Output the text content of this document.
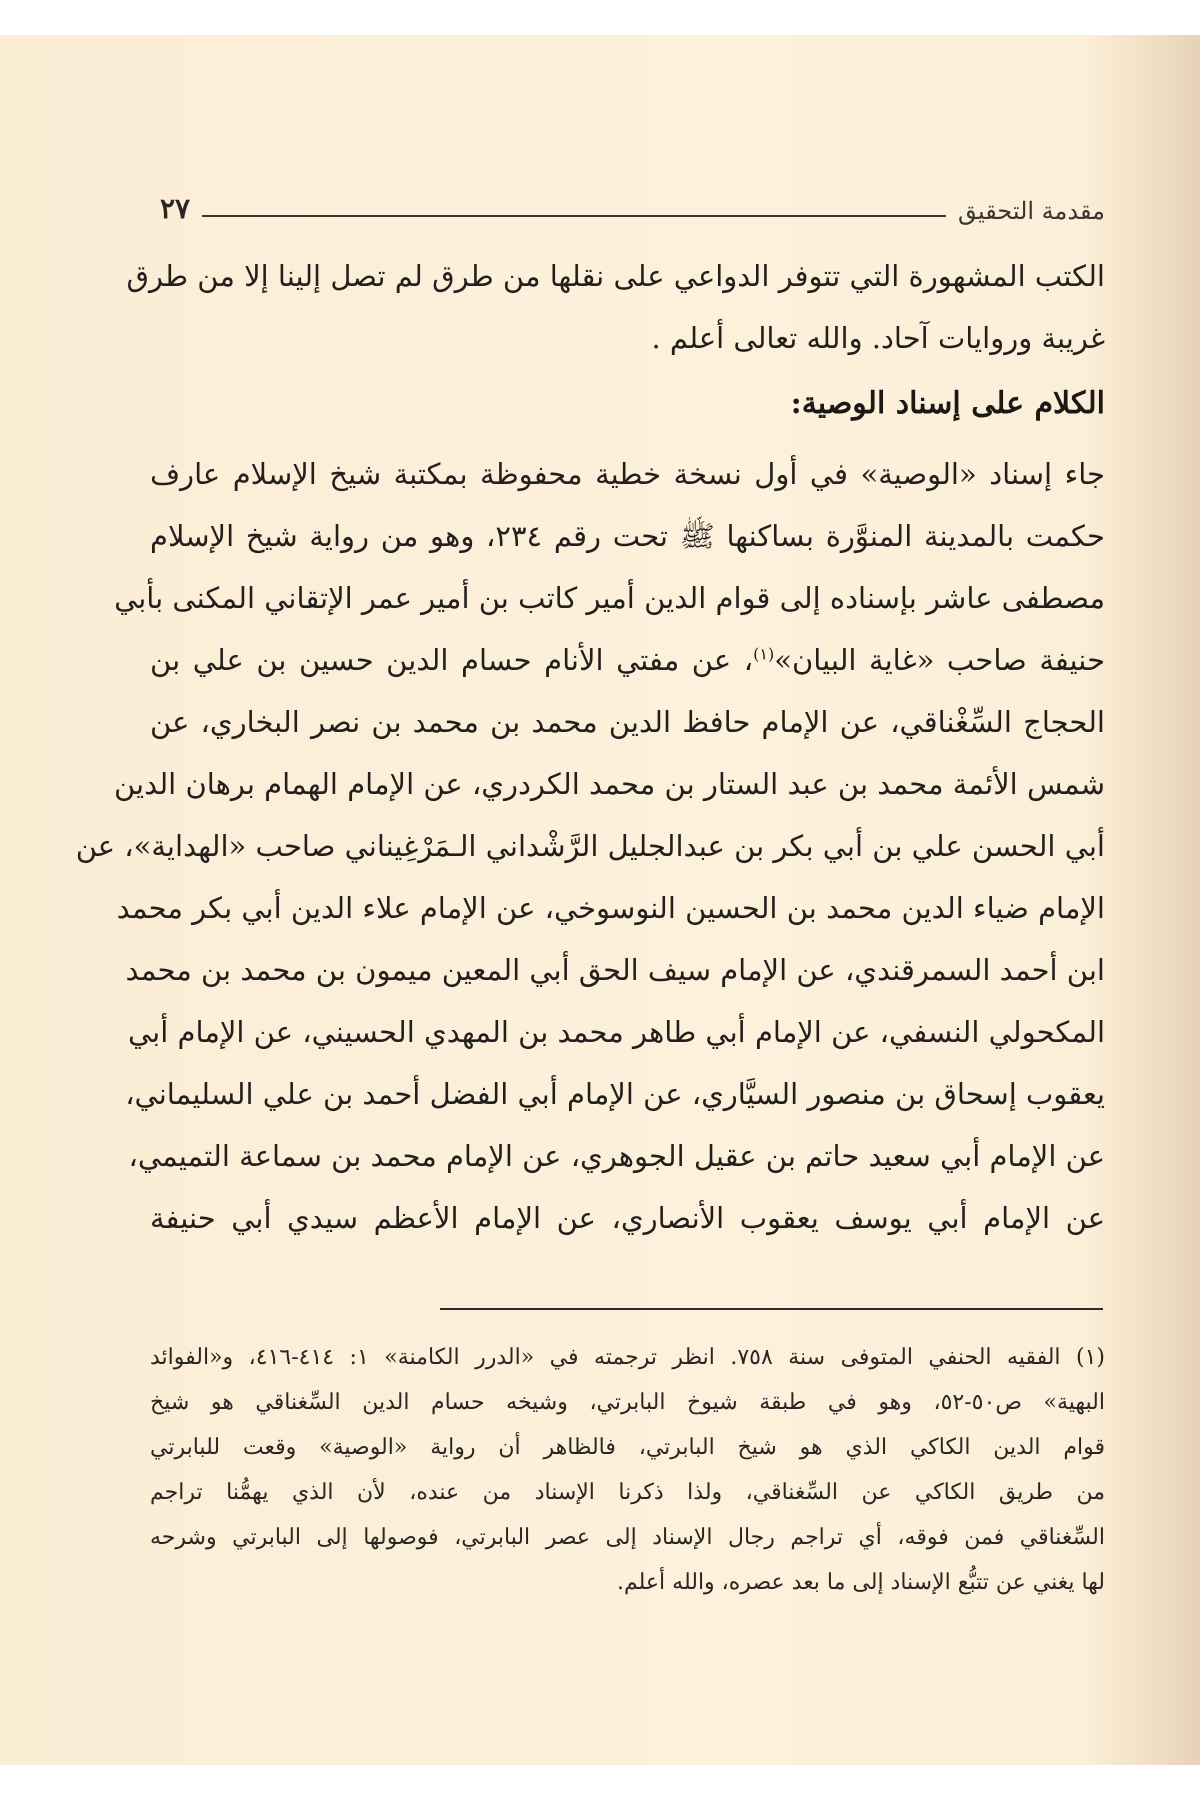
مقدمة التحقيق
٢٧
الكتب المشهورة التي تتوفر الدواعي على نقلها من طرق لم تصل إلينا إلا من طرق
غريبة وروايات آحاد. والله تعالى أعلم .
الكلام على إسناد الوصية:
جاء إسناد «الوصية» في أول نسخة خطية محفوظة بمكتبة شيخ الإسلام عارف
حكمت بالمدينة المنوَّرة بساكنها ﷺ تحت رقم ٢٣٤، وهو من رواية شيخ الإسلام
مصطفى عاشر بإسناده إلى قوام الدين أمير كاتب بن أمير عمر الإتقاني المكنى بأبي
حنيفة صاحب «غاية البيان»$^{(١)}$، عن مفتي الأنام حسام الدين حسين بن علي بن
الحجاج السِّغْناقي، عن الإمام حافظ الدين محمد بن محمد بن نصر البخاري، عن
شمس الأئمة محمد بن عبد الستار بن محمد الكردري، عن الإمام الهمام برهان الدين
أبي الحسن علي بن أبي بكر بن عبدالجليل الرَّشْداني الـمَرْغِيناني صاحب «الهداية»، عن
الإمام ضياء الدين محمد بن الحسين النوسوخي، عن الإمام علاء الدين أبي بكر محمد
ابن أحمد السمرقندي، عن الإمام سيف الحق أبي المعين ميمون بن محمد بن محمد
المكحولي النسفي، عن الإمام أبي طاهر محمد بن المهدي الحسيني، عن الإمام أبي
يعقوب إسحاق بن منصور السيَّاري، عن الإمام أبي الفضل أحمد بن علي السليماني،
عن الإمام أبي سعيد حاتم بن عقيل الجوهري، عن الإمام محمد بن سماعة التميمي،
عن الإمام أبي يوسف يعقوب الأنصاري، عن الإمام الأعظم سيدي أبي حنيفة
(١) الفقيه الحنفي المتوفى سنة ٧٥٨. انظر ترجمته في «الدرر الكامنة» ١: ٤١٤-٤١٦، و«الفوائد
البهية» ص٥٠-٥٢، وهو في طبقة شيوخ البابرتي، وشيخه حسام الدين السِّغناقي هو شيخ
قوام الدين الكاكي الذي هو شيخ البابرتي، فالظاهر أن رواية «الوصية» وقعت للبابرتي
من طريق الكاكي عن السِّغناقي، ولذا ذكرنا الإسناد من عنده، لأن الذي يهمُّنا تراجم
السِّغناقي فمن فوقه، أي تراجم رجال الإسناد إلى عصر البابرتي، فوصولها إلى البابرتي وشرحه
لها يغني عن تتبُّع الإسناد إلى ما بعد عصره، والله أعلم.
